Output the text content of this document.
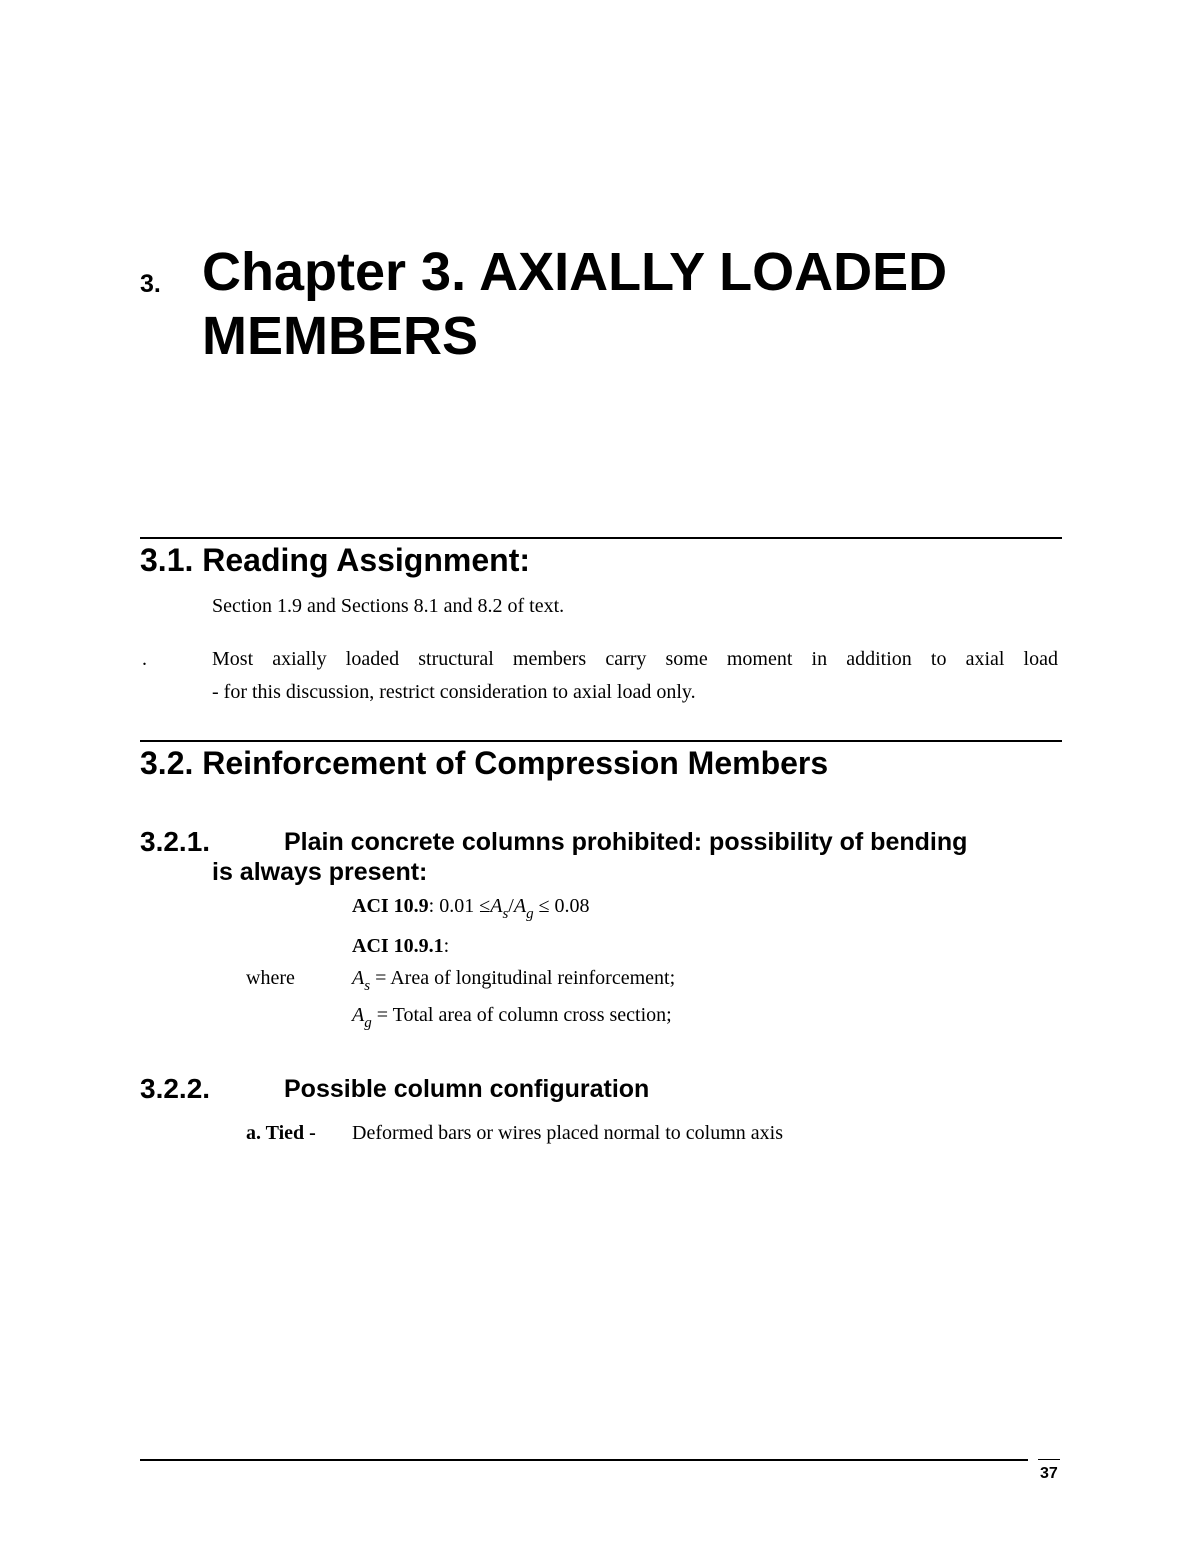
3. Chapter 3. AXIALLY LOADED
MEMBERS
3.1. Reading Assignment:
Section 1.9 and Sections 8.1 and 8.2 of text.
.	Most axially loaded structural members carry some moment in addition to axial load
- for this discussion, restrict consideration to axial load only.
3.2. Reinforcement of Compression Members
3.2.1.	Plain concrete columns prohibited: possibility of bending
is always present:
ACI 10.9: $0.01 \le A_s/A_g \le 0.08$
ACI 10.9.1:
where	$A_s$ = Area of longitudinal reinforcement;
$A_g$ = Total area of column cross section;
3.2.2.	Possible column configuration
a. Tied - Deformed bars or wires placed normal to column axis
37
